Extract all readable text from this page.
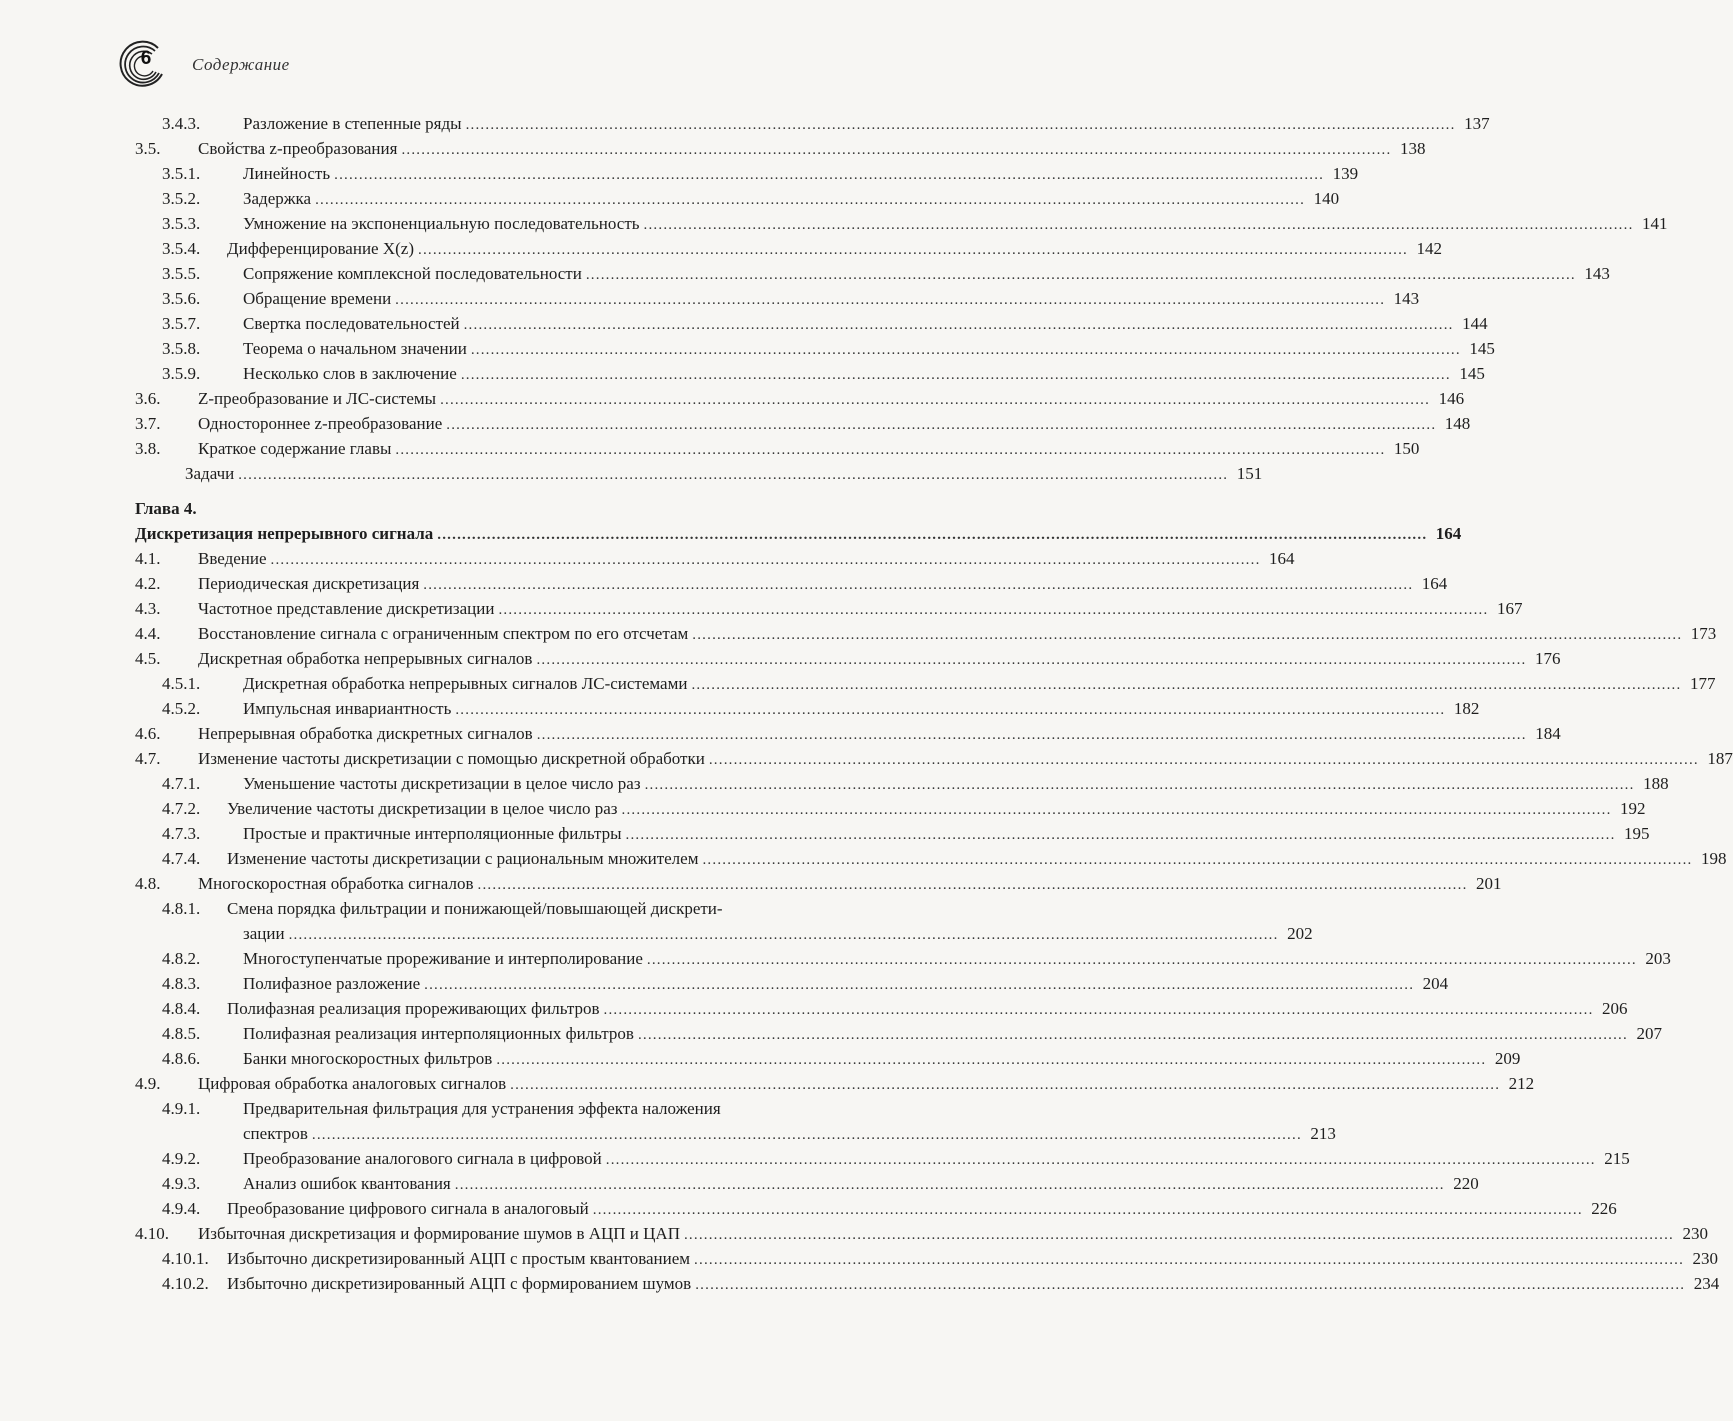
6 Содержание
3.4.3.	Разложение в степенные ряды ........................................................................................................................................................................................................ 137
3.5. Свойства z-преобразования ........................................................................................................................................................................................................ 138
3.5.1.	Линейность ........................................................................................................................................................................................................ 139
3.5.2.	Задержка ........................................................................................................................................................................................................ 140
3.5.3.	Умножение на экспоненциальную последовательность ........................................................................................................................................................................................................ 141
3.5.4. Дифференцирование X(z) ........................................................................................................................................................................................................ 142
3.5.5.	Сопряжение комплексной последовательности ........................................................................................................................................................................................................ 143
3.5.6.	Обращение времени ........................................................................................................................................................................................................ 143
3.5.7.	Свертка последовательностей ........................................................................................................................................................................................................ 144
3.5.8.	Теорема о начальном значении ........................................................................................................................................................................................................ 145
3.5.9.	Несколько слов в заключение ........................................................................................................................................................................................................ 145
3.6. Z-преобразование и ЛС-системы ........................................................................................................................................................................................................ 146
3.7. Одностороннее z-преобразование ........................................................................................................................................................................................................ 148
3.8. Краткое содержание главы ........................................................................................................................................................................................................ 150
Задачи ........................................................................................................................................................................................................ 151
Глава 4.
Дискретизация непрерывного сигнала ........................................................................................................................................................................................................ 164
4.1. Введение ........................................................................................................................................................................................................ 164
4.2. Периодическая дискретизация ........................................................................................................................................................................................................ 164
4.3. Частотное представление дискретизации ........................................................................................................................................................................................................ 167
4.4. Восстановление сигнала с ограниченным спектром по его отсчетам ........................................................................................................................................................................................................ 173
4.5. Дискретная обработка непрерывных сигналов ........................................................................................................................................................................................................ 176
4.5.1.	Дискретная обработка непрерывных сигналов ЛС-системами ........................................................................................................................................................................................................ 177
4.5.2.	Импульсная инвариантность ........................................................................................................................................................................................................ 182
4.6. Непрерывная обработка дискретных сигналов ........................................................................................................................................................................................................ 184
4.7. Изменение частоты дискретизации с помощью дискретной обработки ........................................................................................................................................................................................................ 187
4.7.1.	Уменьшение частоты дискретизации в целое число раз ........................................................................................................................................................................................................ 188
4.7.2. Увеличение частоты дискретизации в целое число раз ........................................................................................................................................................................................................ 192
4.7.3.	Простые и практичные интерполяционные фильтры ........................................................................................................................................................................................................ 195
4.7.4. Изменение частоты дискретизации с рациональным множителем ........................................................................................................................................................................................................ 198
4.8. Многоскоростная обработка сигналов ........................................................................................................................................................................................................ 201
4.8.1. Смена порядка фильтрации и понижающей/повышающей дискрети-
зации ........................................................................................................................................................................................................ 202
4.8.2.	Многоступенчатые прореживание и интерполирование ........................................................................................................................................................................................................ 203
4.8.3.	Полифазное разложение ........................................................................................................................................................................................................ 204
4.8.4. Полифазная реализация прореживающих фильтров ........................................................................................................................................................................................................ 206
4.8.5.	Полифазная реализация интерполяционных фильтров ........................................................................................................................................................................................................ 207
4.8.6.	Банки многоскоростных фильтров ........................................................................................................................................................................................................ 209
4.9. Цифровая обработка аналоговых сигналов ........................................................................................................................................................................................................ 212
4.9.1.	Предварительная фильтрация для устранения эффекта наложения
спектров ........................................................................................................................................................................................................ 213
4.9.2.	Преобразование аналогового сигнала в цифровой ........................................................................................................................................................................................................ 215
4.9.3.	Анализ ошибок квантования ........................................................................................................................................................................................................ 220
4.9.4. Преобразование цифрового сигнала в аналоговый ........................................................................................................................................................................................................ 226
4.10. Избыточная дискретизация и формирование шумов в АЦП и ЦАП ........................................................................................................................................................................................................ 230
4.10.1. Избыточно дискретизированный АЦП с простым квантованием ........................................................................................................................................................................................................ 230
4.10.2. Избыточно дискретизированный АЦП с формированием шумов ........................................................................................................................................................................................................ 234
